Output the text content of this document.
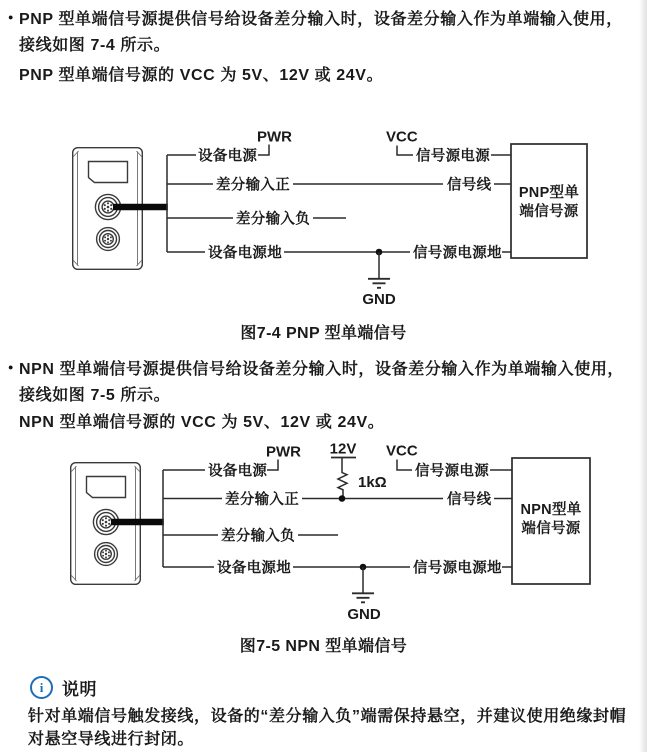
● PNP 型单端信号源提供信号给设备差分输入时，设备差分输入作为单端输入使用，
接线如图 7-4 所示。
PNP 型单端信号源的 VCC 为 5V、12V 或 24V。
图7-4 PNP 型单端信号
● NPN 型单端信号源提供信号给设备差分输入时，设备差分输入作为单端输入使用，
接线如图 7-5 所示。
NPN 型单端信号源的 VCC 为 5V、12V 或 24V。
图7-5 NPN 型单端信号
设备电源
PWR	VCC
信号源电源
差分输入正	信号线
差分输入负
设备电源地	信号源电源地
GND
PNP型单
端信号源
设备电源
PWR 12V
1kΩ
VCC
信号源电源
差分输入正	信号线
差分输入负
设备电源地	信号源电源地
GND
NPN型单
端信号源
i	说明
针对单端信号触发接线，设备的“差分输入负”端需保持悬空，并建议使用绝缘封帽
对悬空导线进行封闭。
